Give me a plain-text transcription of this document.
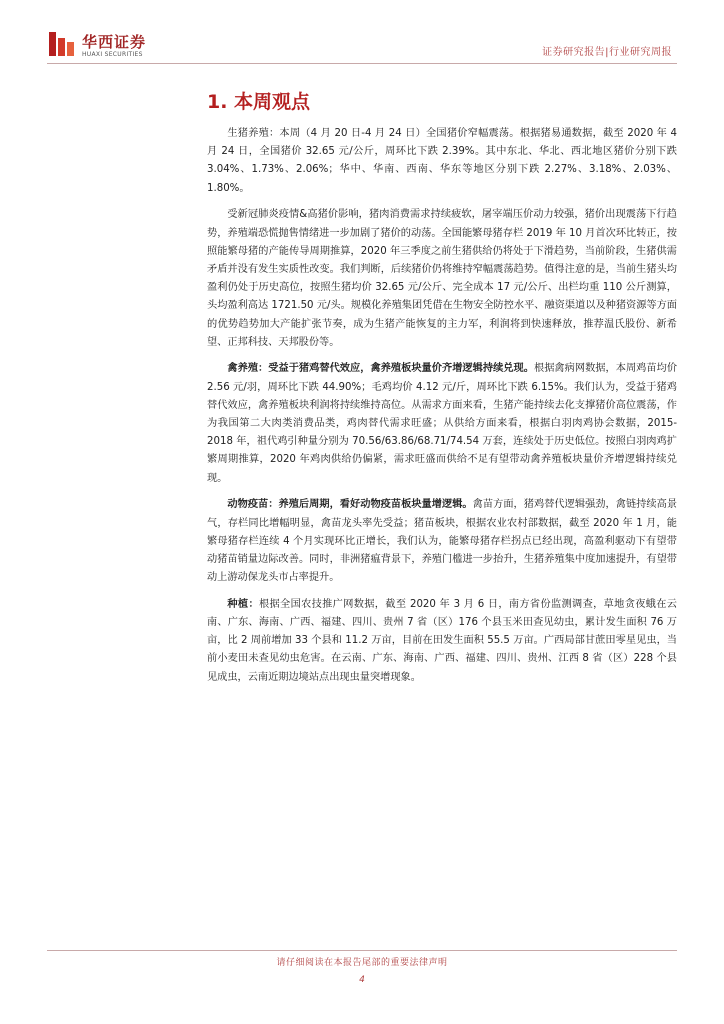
华西证券
HUAXI SECURITIES	证券研究报告|行业研究周报
1. 本周观点

生猪养殖：本周（4 月 20 日-4 月 24 日）全国猪价窄幅震荡。根据猪易通数据，截至 2020 年 4 月 24 日，全国猪价 32.65 元/公斤，周环比下跌 2.39%。其中东北、华北、西北地区猪价分别下跌 3.04%、1.73%、2.06%；华中、华南、西南、华东等地区分别下跌 2.27%、3.18%、2.03%、1.80%。

受新冠肺炎疫情&高猪价影响，猪肉消费需求持续疲软，屠宰端压价动力较强，猪价出现震荡下行趋势，养殖端恐慌抛售情绪进一步加剧了猪价的动荡。全国能繁母猪存栏 2019 年 10 月首次环比转正，按照能繁母猪的产能传导周期推算，2020 年三季度之前生猪供给仍将处于下滑趋势，当前阶段，生猪供需矛盾并没有发生实质性改变。我们判断，后续猪价仍将维持窄幅震荡趋势。值得注意的是，当前生猪头均盈利仍处于历史高位，按照生猪均价 32.65 元/公斤、完全成本 17 元/公斤、出栏均重 110 公斤测算，头均盈利高达 1721.50 元/头。规模化养殖集团凭借在生物安全防控水平、融资渠道以及种猪资源等方面的优势趋势加大产能扩张节奏，成为生猪产能恢复的主力军，利润将到快速释放，推荐温氏股份、新希望、正邦科技、天邦股份等。

禽养殖：受益于猪鸡替代效应，禽养殖板块量价齐增逻辑持续兑现。根据禽病网数据，本周鸡苗均价 2.56 元/羽，周环比下跌 44.90%；毛鸡均价 4.12 元/斤，周环比下跌 6.15%。我们认为，受益于猪鸡替代效应，禽养殖板块利润将持续维持高位。从需求方面来看，生猪产能持续去化支撑猪价高位震荡，作为我国第二大肉类消费品类，鸡肉替代需求旺盛；从供给方面来看，根据白羽肉鸡协会数据，2015-2018 年，祖代鸡引种量分别为 70.56/63.86/68.71/74.54 万套，连续处于历史低位。按照白羽肉鸡扩繁周期推算，2020 年鸡肉供给仍偏紧，需求旺盛而供给不足有望带动禽养殖板块量价齐增逻辑持续兑现。

动物疫苗：养殖后周期，看好动物疫苗板块量增逻辑。禽苗方面，猪鸡替代逻辑强劲，禽链持续高景气，存栏同比增幅明显，禽苗龙头率先受益；猪苗板块，根据农业农村部数据，截至 2020 年 1 月，能繁母猪存栏连续 4 个月实现环比正增长，我们认为，能繁母猪存栏拐点已经出现，高盈利驱动下有望带动猪苗销量边际改善。同时，非洲猪瘟背景下，养殖门槛进一步抬升，生猪养殖集中度加速提升，有望带动上游动保龙头市占率提升。

种植：根据全国农技推广网数据，截至 2020 年 3 月 6 日，南方省份监测调查，草地贪夜蛾在云南、广东、海南、广西、福建、四川、贵州 7 省（区）176 个县玉米田查见幼虫，累计发生面积 76 万亩，比 2 周前增加 33 个县和 11.2 万亩，目前在田发生面积 55.5 万亩。广西局部甘蔗田零星见虫，当前小麦田未查见幼虫危害。在云南、广东、海南、广西、福建、四川、贵州、江西 8 省（区）228 个县见成虫，云南近期边境站点出现虫量突增现象。

请仔细阅读在本报告尾部的重要法律声明
4
